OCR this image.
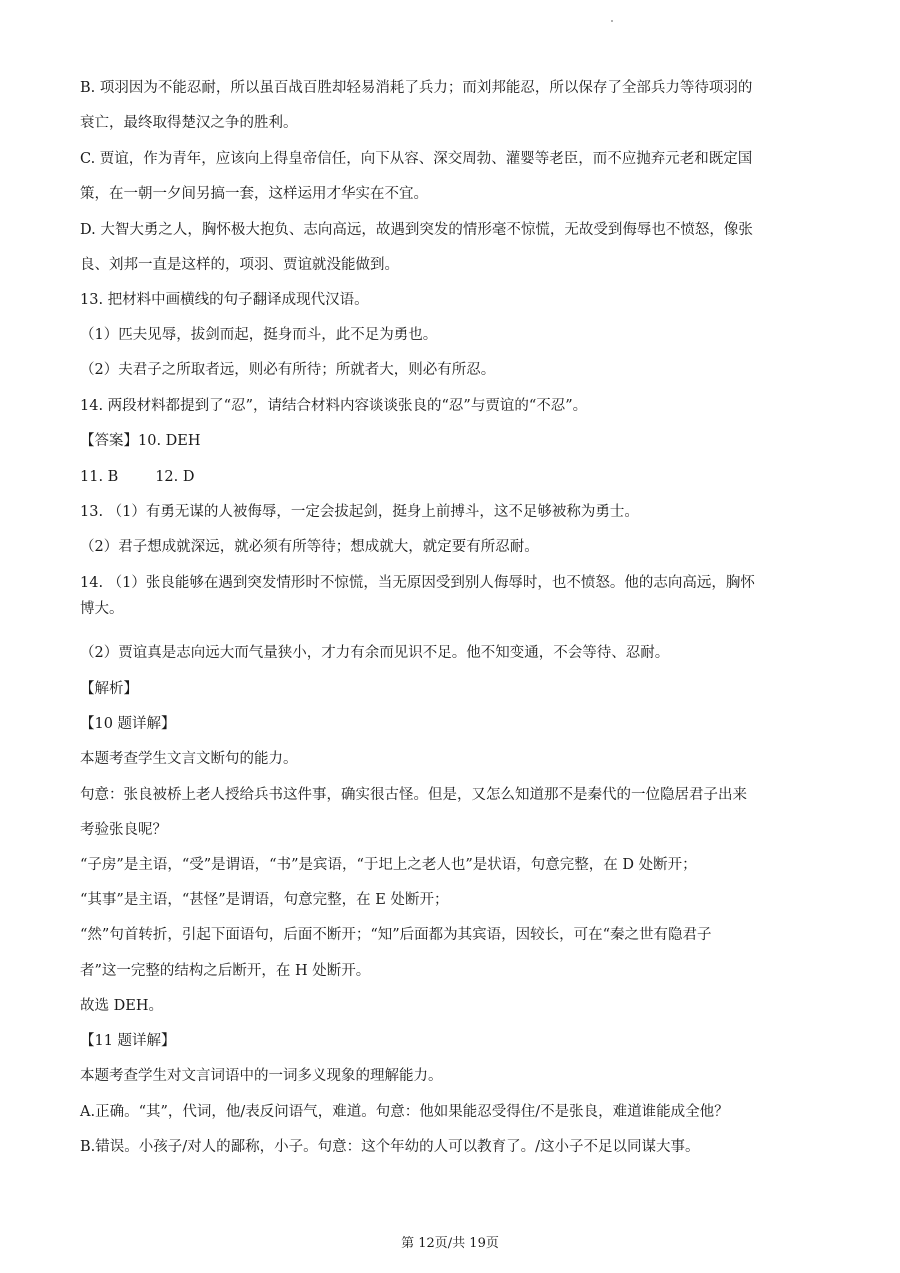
B. 项羽因为不能忍耐，所以虽百战百胜却轻易消耗了兵力；而刘邦能忍，所以保存了全部兵力等待项羽的
衰亡，最终取得楚汉之争的胜利。
C. 贾谊，作为青年，应该向上得皇帝信任，向下从容、深交周勃、灌婴等老臣，而不应抛弃元老和既定国
策，在一朝一夕间另搞一套，这样运用才华实在不宜。
D. 大智大勇之人，胸怀极大抱负、志向高远，故遇到突发的情形毫不惊慌，无故受到侮辱也不愤怒，像张
良、刘邦一直是这样的，项羽、贾谊就没能做到。
13. 把材料中画横线的句子翻译成现代汉语。
（1）匹夫见辱，拔剑而起，挺身而斗，此不足为勇也。
（2）夫君子之所取者远，则必有所待；所就者大，则必有所忍。
14. 两段材料都提到了“忍”，请结合材料内容谈谈张良的“忍”与贾谊的“不忍”。
【答案】10. DEH
11. B        12. D
13. （1）有勇无谋的人被侮辱，一定会拔起剑，挺身上前搏斗，这不足够被称为勇士。
（2）君子想成就深远，就必须有所等待；想成就大，就定要有所忍耐。
14. （1）张良能够在遇到突发情形时不惊慌，当无原因受到别人侮辱时，也不愤怒。他的志向高远，胸怀
博大。
（2）贾谊真是志向远大而气量狭小，才力有余而见识不足。他不知变通，不会等待、忍耐。
【解析】
【10 题详解】
本题考查学生文言文断句的能力。
句意：张良被桥上老人授给兵书这件事，确实很古怪。但是，又怎么知道那不是秦代的一位隐居君子出来
考验张良呢？
“子房”是主语，“受”是谓语，“书”是宾语，“于圯上之老人也”是状语，句意完整，在 D 处断开；
“其事”是主语，“甚怪”是谓语，句意完整，在 E 处断开；
“然”句首转折，引起下面语句，后面不断开；“知”后面都为其宾语，因较长，可在“秦之世有隐君子
者”这一完整的结构之后断开，在 H 处断开。
故选 DEH。
【11 题详解】
本题考查学生对文言词语中的一词多义现象的理解能力。
A.正确。“其”，代词，他/表反问语气，难道。句意：他如果能忍受得住/不是张良，难道谁能成全他？
B.错误。小孩子/对人的鄙称，小子。句意：这个年幼的人可以教育了。/这小子不足以同谋大事。
第 12页/共 19页
